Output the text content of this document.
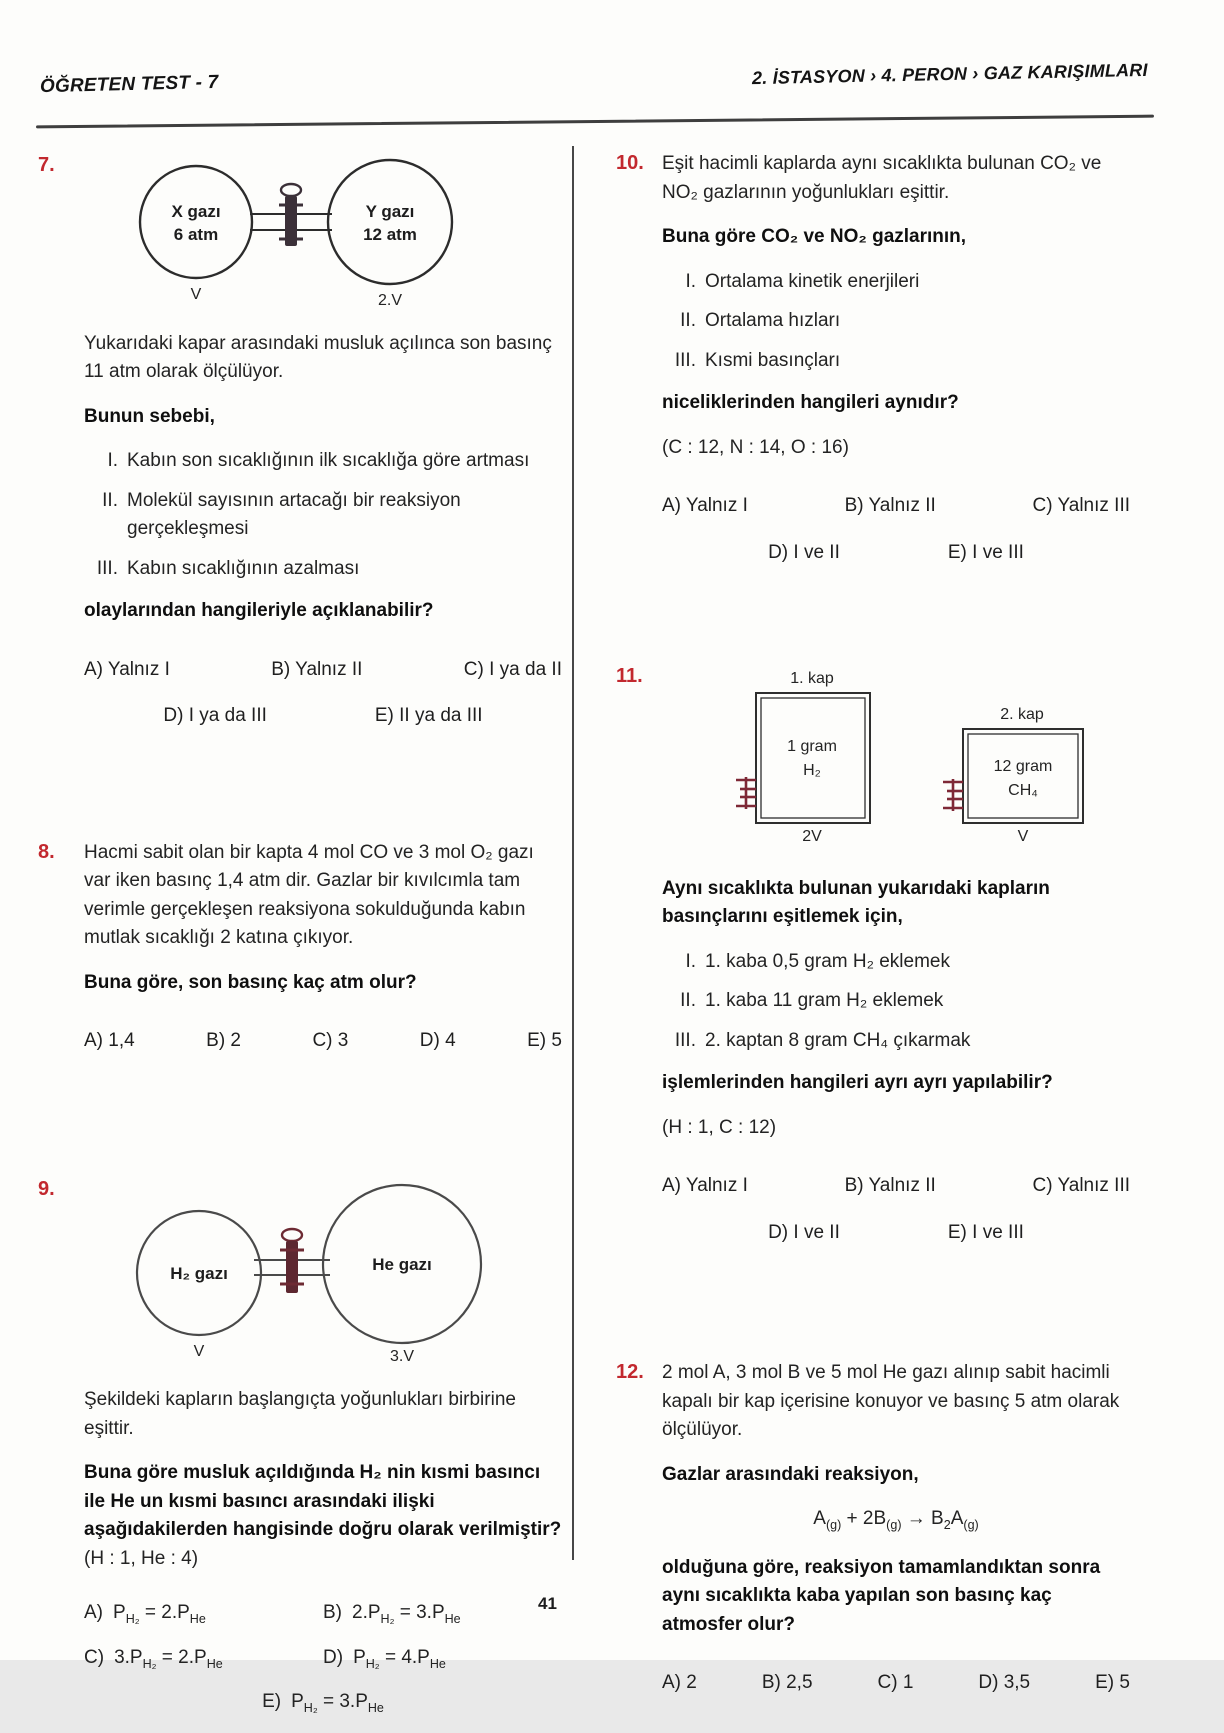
ÖĞRETEN TEST - 7	2. İSTASYON › 4. PERON › GAZ KARIŞIMLARI
7.
X gazı
6 atm
V
Y gazı
12 atm
2.V

Yukarıdaki kapar arasındaki musluk açılınca son basınç 11 atm olarak ölçülüyor.

Bunun sebebi,

I. Kabın son sıcaklığının ilk sıcaklığa göre artması
II. Molekül sayısının artacağı bir reaksiyon gerçekleşmesi
III. Kabın sıcaklığının azalması

olaylarından hangileriyle açıklanabilir?

A) Yalnız I	B) Yalnız II	C) I ya da II
D) I ya da III	E) II ya da III
8.	Hacmi sabit olan bir kapta 4 mol CO ve 3 mol O₂ gazı var iken basınç 1,4 atm dir. Gazlar bir kıvılcımla tam verimle gerçekleşen reaksiyona sokulduğunda kabın mutlak sıcaklığı 2 katına çıkıyor.

Buna göre, son basınç kaç atm olur?

A) 1,4	B) 2	C) 3	D) 4	E) 5
9.
H₂ gazı
V
He gazı
3.V

Şekildeki kapların başlangıçta yoğunlukları birbirine eşittir.

Buna göre musluk açıldığında H₂ nin kısmi basıncı ile He un kısmi basıncı arasındaki ilişki aşağıdakilerden hangisinde doğru olarak verilmiştir? (H : 1, He : 4)

A) $P_{H_2} = 2.P_{He}$	B) $2.P_{H_2} = 3.P_{He}$
C) $3.P_{H_2} = 2.P_{He}$	D) $P_{H_2} = 4.P_{He}$
E) $P_{H_2} = 3.P_{He}$
10. Eşit hacimli kaplarda aynı sıcaklıkta bulunan CO₂ ve NO₂ gazlarının yoğunlukları eşittir.

Buna göre CO₂ ve NO₂ gazlarının,

I. Ortalama kinetik enerjileri
II. Ortalama hızları
III. Kısmi basınçları

niceliklerinden hangileri aynıdır?

(C : 12, N : 14, O : 16)

A) Yalnız I	B) Yalnız II	C) Yalnız III
D) I ve II	E) I ve III
11.	1. kap
1 gram
H₂
2V
2. kap
12 gram
CH₄
V

Aynı sıcaklıkta bulunan yukarıdaki kapların basınçlarını eşitlemek için,

I. 1. kaba 0,5 gram H₂ eklemek
II. 1. kaba 11 gram H₂ eklemek
III. 2. kaptan 8 gram CH₄ çıkarmak

işlemlerinden hangileri ayrı ayrı yapılabilir?

(H : 1, C : 12)

A) Yalnız I	B) Yalnız II	C) Yalnız III
D) I ve II	E) I ve III
12. 2 mol A, 3 mol B ve 5 mol He gazı alınıp sabit hacimli kapalı bir kap içerisine konuyor ve basınç 5 atm olarak ölçülüyor.

Gazlar arasındaki reaksiyon,

$A_{(g)} + 2B_{(g)} \to B_2A_{(g)}$

olduğuna göre, reaksiyon tamamlandıktan sonra aynı sıcaklıkta kaba yapılan son basınç kaç atmosfer olur?

A) 2	B) 2,5	C) 1	D) 3,5	E) 5
41
